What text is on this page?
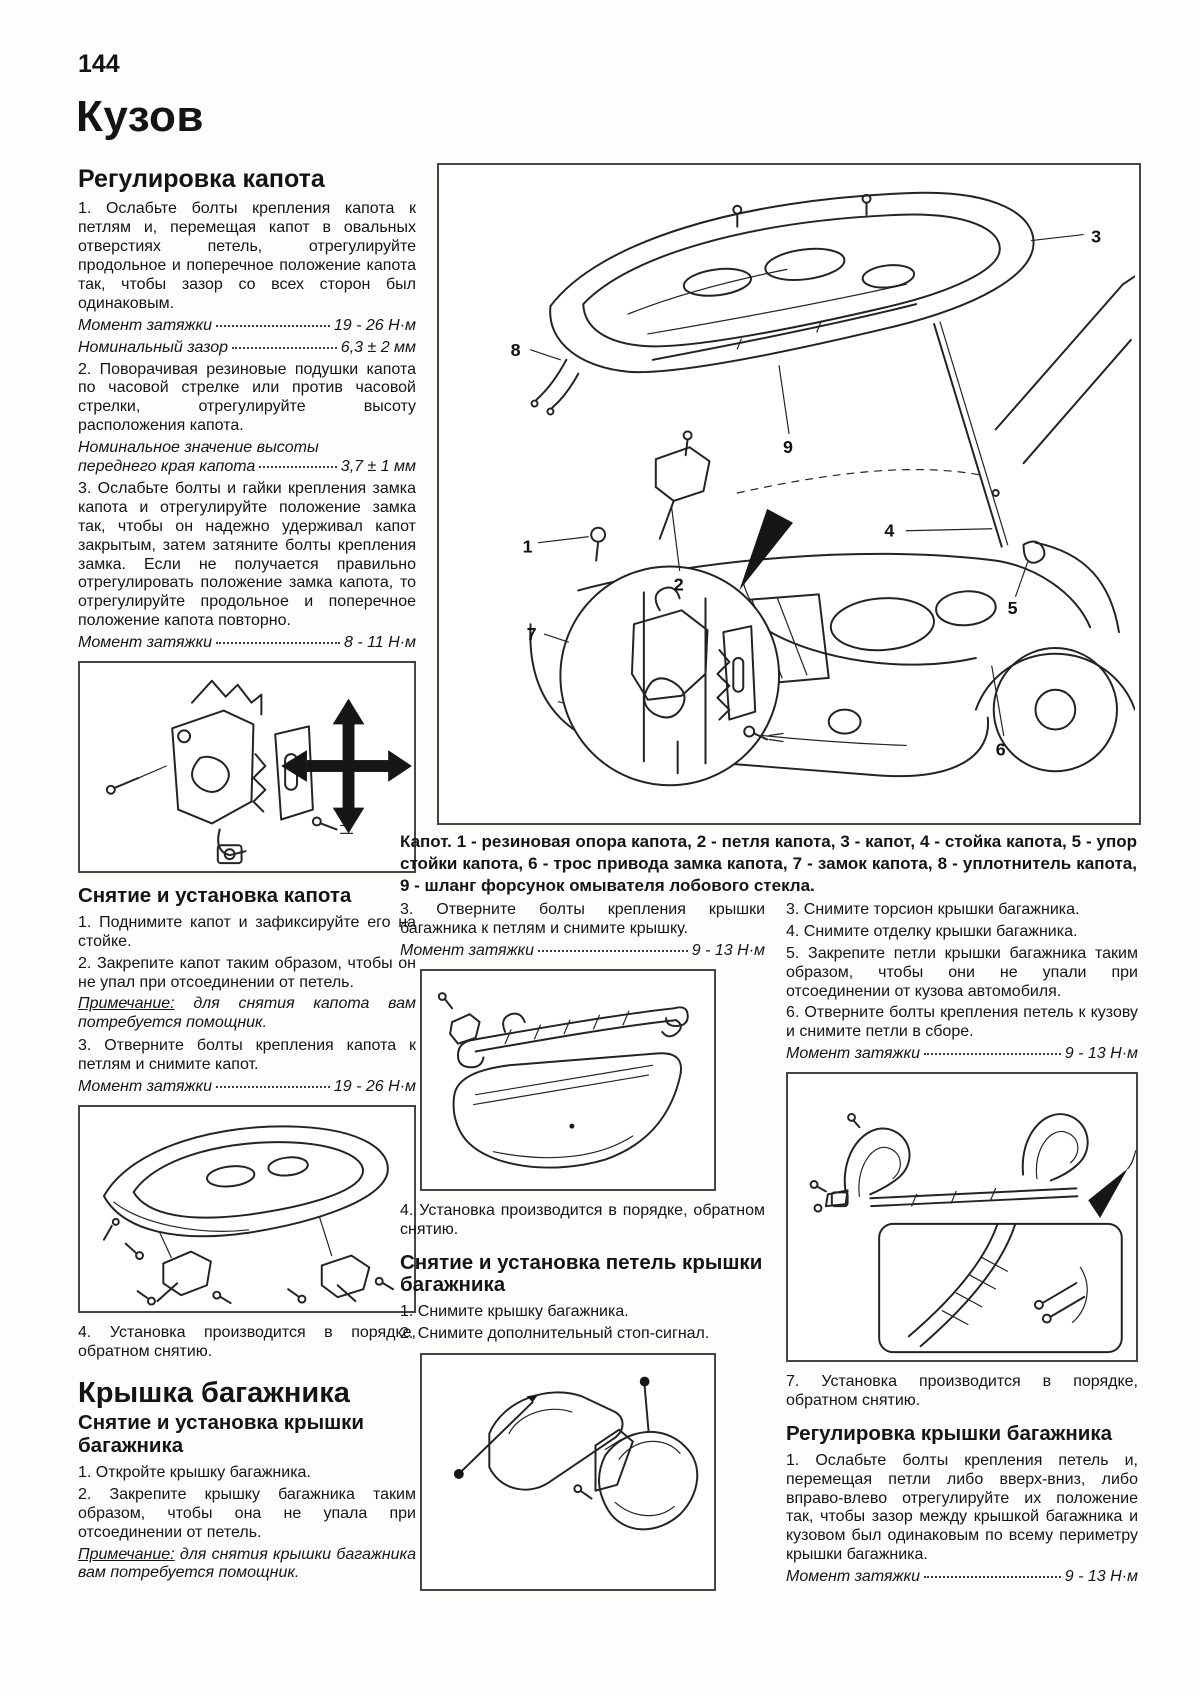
144
Кузов
Регулировка капота

1. Ослабьте болты крепления капота к петлям и, перемещая капот в овальных отверстиях петель, отрегулируйте продольное и поперечное положение капота так, чтобы зазор со всех сторон был одинаковым.

Момент затяжки	19 - 26 Н·м
Номинальный зазор	6,3 ± 2 мм

2. Поворачивая резиновые подушки капота по часовой стрелке или против часовой стрелки, отрегулируйте высоту расположения капота.

Номинальное значение высоты
переднего края капота	3,7 ± 1 мм

3. Ослабьте болты и гайки крепления замка капота и отрегулируйте положение замка так, чтобы он надежно удерживал капот закрытым, затем затяните болты крепления замка. Если не получается правильно отрегулировать положение замка капота, то отрегулируйте продольное и поперечное положение капота повторно.

Момент затяжки	8 - 11 Н·м
Снятие и установка капота

1. Поднимите капот и зафиксируйте его на стойке.

2. Закрепите капот таким образом, чтобы он не упал при отсоединении от петель.

Примечание: для снятия капота вам потребуется помощник.

3. Отверните болты крепления капота к петлям и снимите капот.

Момент затяжки	19 - 26 Н·м

4. Установка производится в порядке, обратном снятию.

Крышка багажника
Снятие и установка крышки багажника

1. Откройте крышку багажника.

2. Закрепите крышку багажника таким образом, чтобы она не упала при отсоединении от петель.

Примечание: для снятия крышки багажника вам потребуется помощник.

1
2
3
4
5
6
7
8
9
Капот. 1 - резиновая опора капота, 2 - петля капота, 3 - капот, 4 - стойка капота, 5 - упор стойки капота, 6 - трос привода замка капота, 7 - замок капота, 8 - уплотнитель капота, 9 - шланг форсунок омывателя лобового стекла.

3. Отверните болты крепления крышки багажника к петлям и снимите крышку.

Момент затяжки	9 - 13 Н·м

4. Установка производится в порядке, обратном снятию.

Снятие и установка петель крышки багажника

1. Снимите крышку багажника.

2. Снимите дополнительный стоп-сигнал.

3. Снимите торсион крышки багажника.

4. Снимите отделку крышки багажника.

5. Закрепите петли крышки багажника таким образом, чтобы они не упали при отсоединении от кузова автомобиля.

6. Отверните болты крепления петель к кузову и снимите петли в сборе.

Момент затяжки	9 - 13 Н·м

7. Установка производится в порядке, обратном снятию.

Регулировка крышки багажника

1. Ослабьте болты крепления петель и, перемещая петли либо вверх-вниз, либо вправо-влево отрегулируйте их положение так, чтобы зазор между крышкой багажника и кузовом был одинаковым по всему периметру крышки багажника.

Момент затяжки	9 - 13 Н·м
